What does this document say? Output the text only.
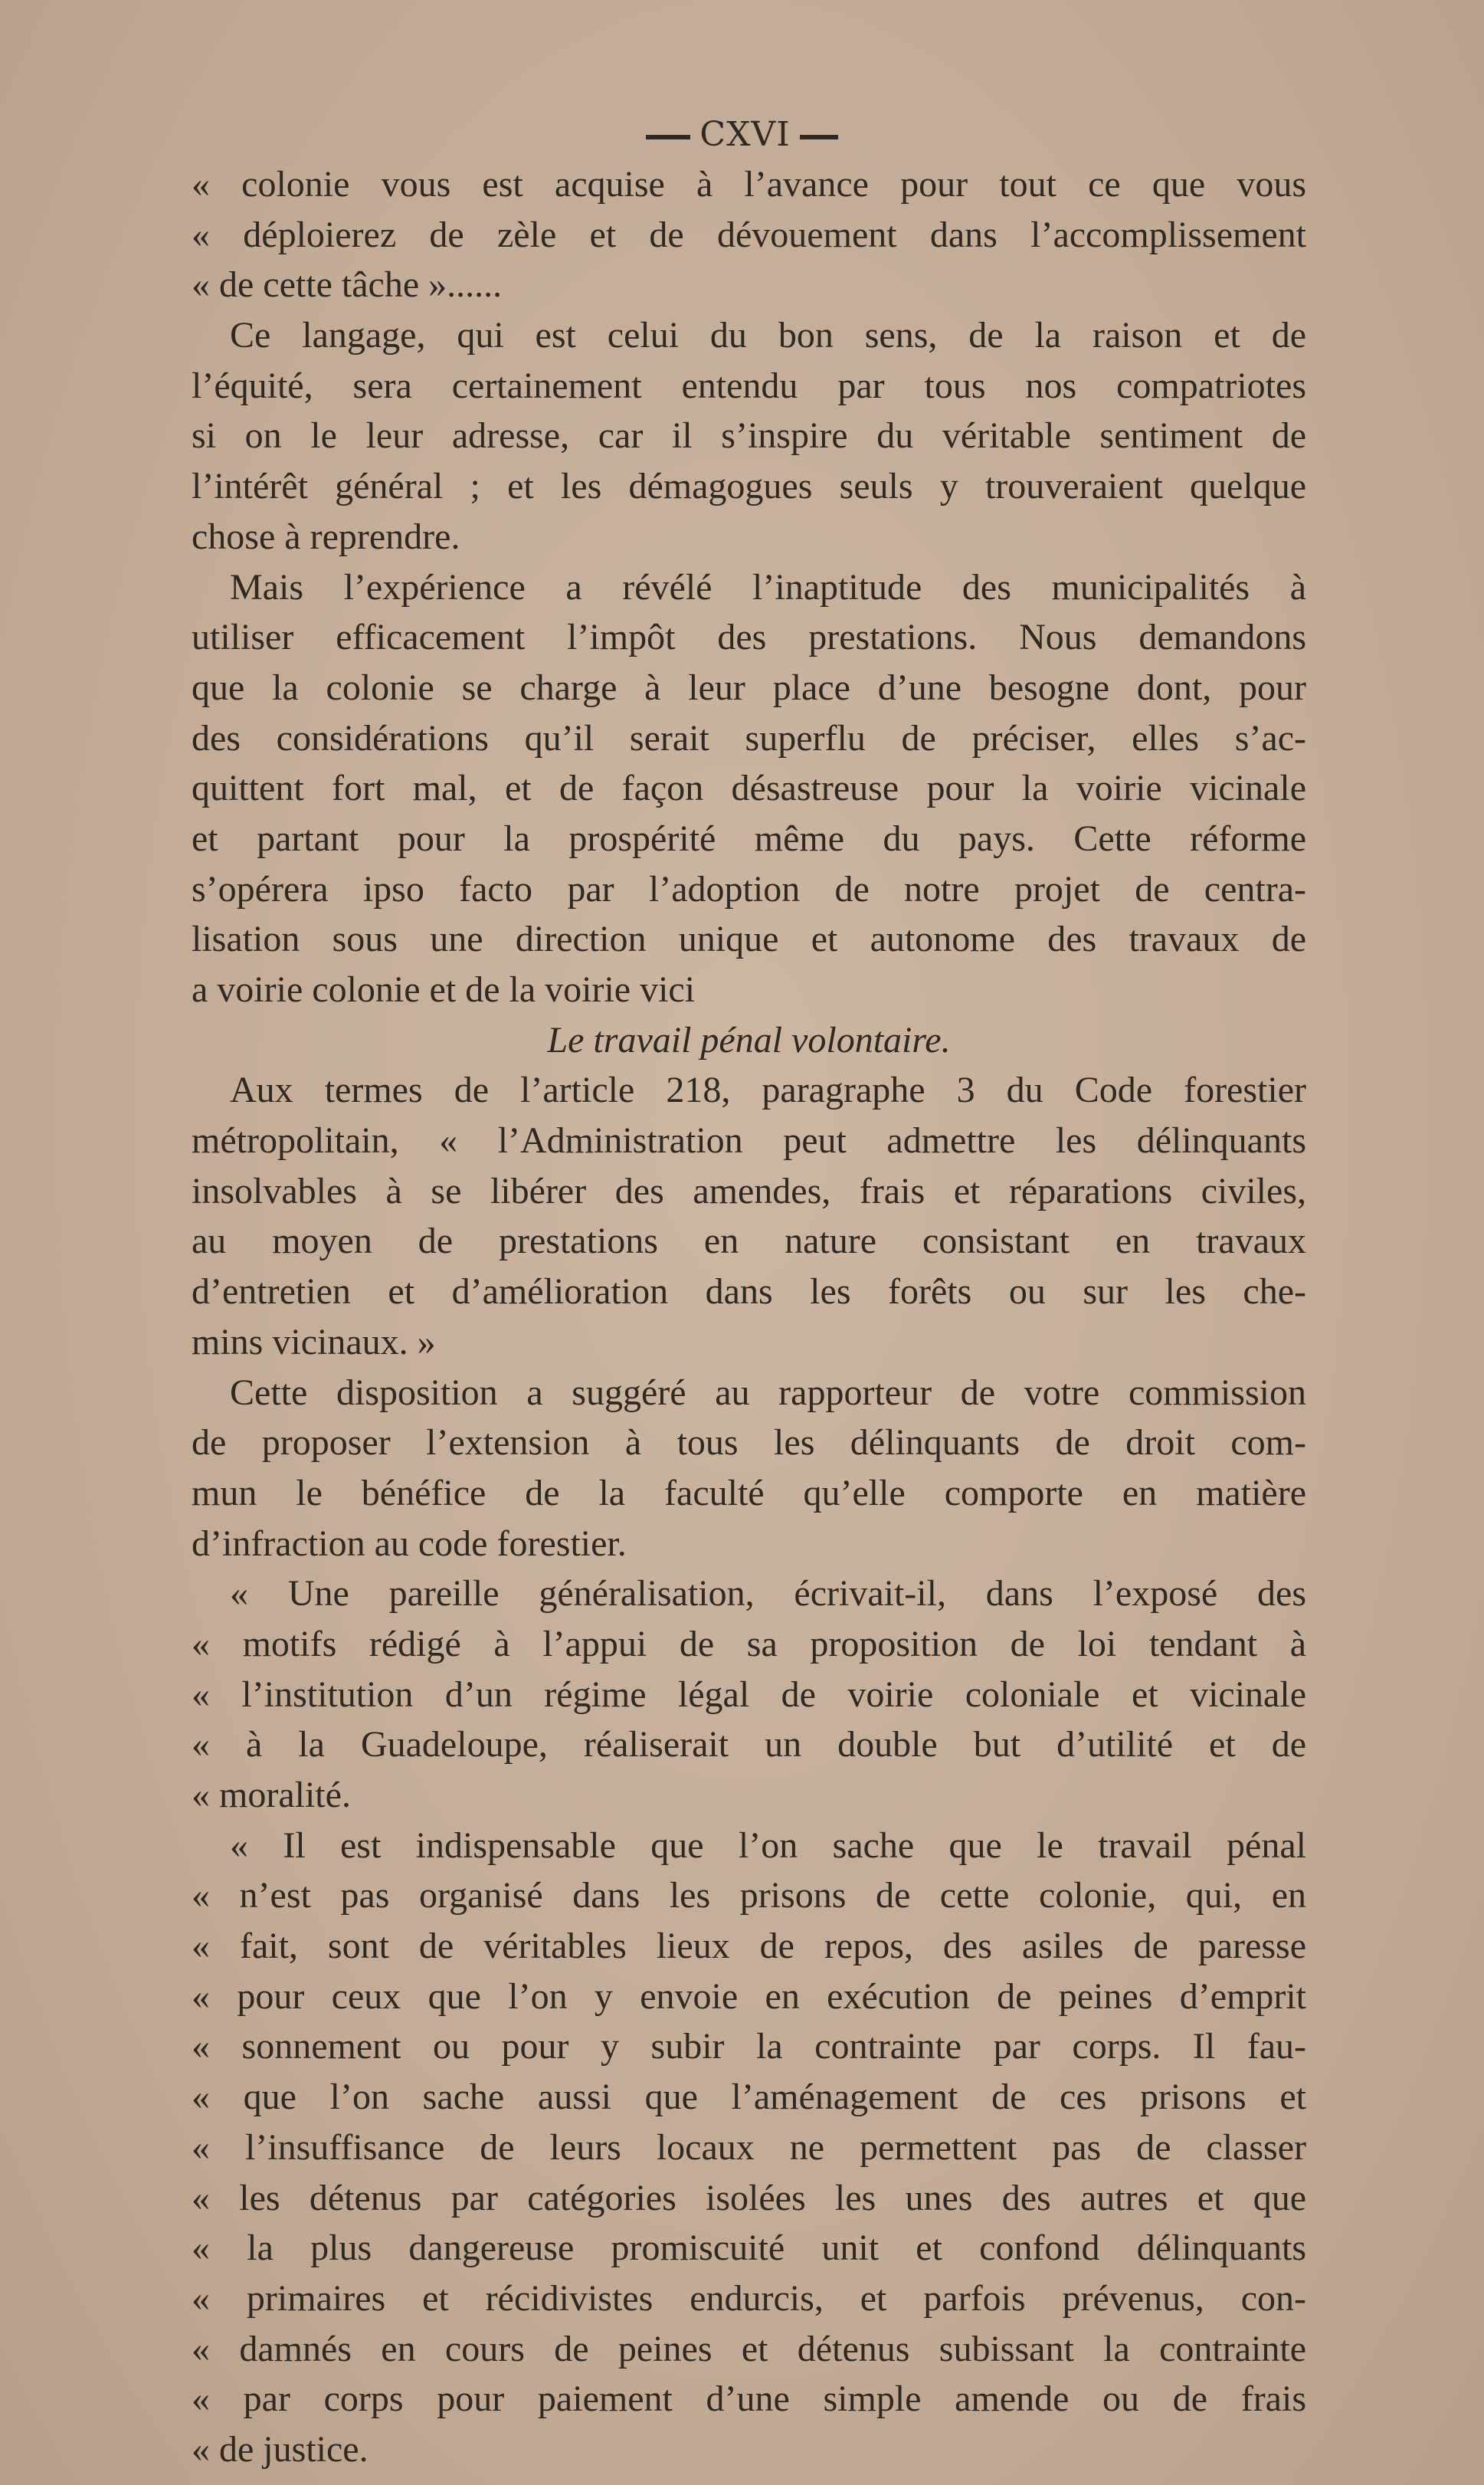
CXVI
« colonie vous est acquise à l’avance pour tout ce que vous
« déploierez de zèle et de dévouement dans l’accomplissement
« de cette tâche »......
Ce langage, qui est celui du bon sens, de la raison et de
l’équité, sera certainement entendu par tous nos compatriotes
si on le leur adresse, car il s’inspire du véritable sentiment de
l’intérêt général ; et les démagogues seuls y trouveraient quelque
chose à reprendre.
Mais l’expérience a révélé l’inaptitude des municipalités à
utiliser efficacement l’impôt des prestations. Nous demandons
que la colonie se charge à leur place d’une besogne dont, pour
des considérations qu’il serait superflu de préciser, elles s’ac-
quittent fort mal, et de façon désastreuse pour la voirie vicinale
et partant pour la prospérité même du pays. Cette réforme
s’opérera ipso facto par l’adoption de notre projet de centra-
lisation sous une direction unique et autonome des travaux de
a voirie colonie et de la voirie vici
Le travail pénal volontaire.
Aux termes de l’article 218, paragraphe 3 du Code forestier
métropolitain, « l’Administration peut admettre les délinquants
insolvables à se libérer des amendes, frais et réparations civiles,
au moyen de prestations en nature consistant en travaux
d’entretien et d’amélioration dans les forêts ou sur les che-
mins vicinaux. »
Cette disposition a suggéré au rapporteur de votre commission
de proposer l’extension à tous les délinquants de droit com-
mun le bénéfice de la faculté qu’elle comporte en matière
d’infraction au code forestier.
« Une pareille généralisation, écrivait-il, dans l’exposé des
« motifs rédigé à l’appui de sa proposition de loi tendant à
« l’institution d’un régime légal de voirie coloniale et vicinale
« à la Guadeloupe, réaliserait un double but d’utilité et de
« moralité.
« Il est indispensable que l’on sache que le travail pénal
« n’est pas organisé dans les prisons de cette colonie, qui, en
« fait, sont de véritables lieux de repos, des asiles de paresse
« pour ceux que l’on y envoie en exécution de peines d’emprit
« sonnement ou pour y subir la contrainte par corps. Il fau-
« que l’on sache aussi que l’aménagement de ces prisons et
« l’insuffisance de leurs locaux ne permettent pas de classer
« les détenus par catégories isolées les unes des autres et que
« la plus dangereuse promiscuité unit et confond délinquants
« primaires et récidivistes endurcis, et parfois prévenus, con-
« damnés en cours de peines et détenus subissant la contrainte
« par corps pour paiement d’une simple amende ou de frais
« de justice.
